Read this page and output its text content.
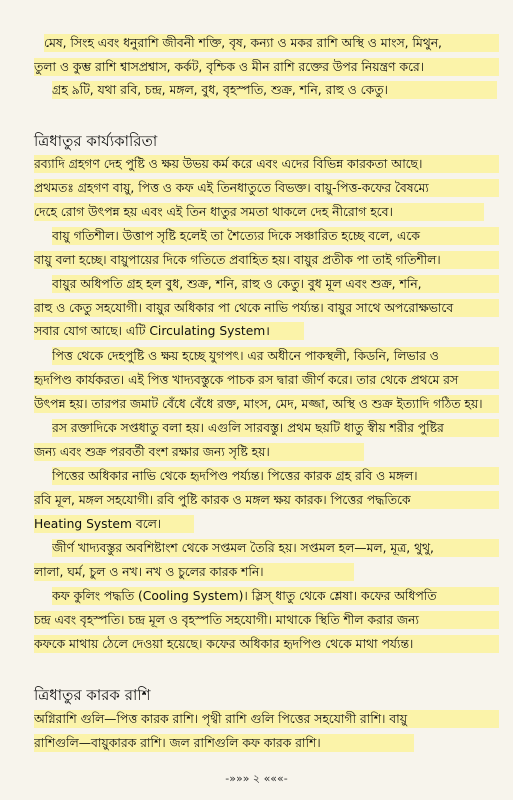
মেষ, সিংহ এবং ধনুরাশি জীবনী শক্তি, বৃষ, কন্যা ও মকর রাশি অস্থি ও মাংস, মিথুন,
তুলা ও কুম্ভ রাশি শ্বাসপ্রশ্বাস, কর্কট, বৃশ্চিক ও মীন রাশি রক্তের উপর নিয়ন্ত্রণ করে।
গ্রহ ৯টি, যথা রবি, চন্দ্র, মঙ্গল, বুধ, বৃহস্পতি, শুক্র, শনি, রাহু ও কেতু।
ত্রিধাতুর কার্য্যকারিতা
রব্যাদি গ্রহগণ দেহ পুষ্টি ও ক্ষয় উভয় কর্ম করে এবং এদের বিভিন্ন কারকতা আছে।
প্রথমতঃ গ্রহগণ বায়ু, পিত্ত ও কফ এই তিনধাতুতে বিভক্ত। বায়ু-পিত্ত-কফের বৈষম্যে
দেহে রোগ উৎপন্ন হয় এবং এই তিন ধাতুর সমতা থাকলে দেহ নীরোগ হবে।
বায়ু গতিশীল। উত্তাপ সৃষ্টি হলেই তা শৈত্যের দিকে সঞ্চারিত হচ্ছে বলে, একে
বায়ু বলা হচ্ছে। বায়ুপায়ের দিকে গতিতে প্রবাহিত হয়। বায়ুর প্রতীক পা তাই গতিশীল।
বায়ুর অধিপতি গ্রহ হল বুধ, শুক্র, শনি, রাহু ও কেতু। বুধ মূল এবং শুক্র, শনি,
রাহু ও কেতু সহযোগী। বায়ুর অধিকার পা থেকে নাভি পর্য্যন্ত। বায়ুর সাথে অপরোক্ষভাবে
সবার যোগ আছে। এটি Circulating System।
পিত্ত থেকে দেহপুষ্টি ও ক্ষয় হচ্ছে যুগপৎ। এর অধীনে পাকস্থলী, কিডনি, লিভার ও
হৃদপিণ্ড কার্যকরত। এই পিত্ত খাদ্যবস্তুকে পাচক রস দ্বারা জীর্ণ করে। তার থেকে প্রথমে রস
উৎপন্ন হয়। তারপর জমাট বেঁধে বেঁধে রক্ত, মাংস, মেদ, মজ্জা, অস্থি ও শুক্র ইত্যাদি গঠিত হয়।
রস রক্তাদিকে সপ্তধাতু বলা হয়। এগুলি সারবস্তু। প্রথম ছয়টি ধাতু স্বীয় শরীর পুষ্টির
জন্য এবং শুক্র পরবর্তী বংশ রক্ষার জন্য সৃষ্টি হয়।
পিত্তের অধিকার নাভি থেকে হৃদপিণ্ড পর্য্যন্ত। পিত্তের কারক গ্রহ রবি ও মঙ্গল।
রবি মূল, মঙ্গল সহযোগী। রবি পুষ্টি কারক ও মঙ্গল ক্ষয় কারক। পিত্তের পদ্ধতিকে
Heating System বলে।
জীর্ণ খাদ্যবস্তুর অবশিষ্টাংশ থেকে সপ্তমল তৈরি হয়। সপ্তমল হল—মল, মূত্র, থুথু,
লালা, ঘর্ম, চুল ও নখ। নখ ও চুলের কারক শনি।
কফ কুলিং পদ্ধতি (Cooling System)। স্লিস্ ধাতু থেকে শ্লেষা। কফের অধিপতি
চন্দ্র এবং বৃহস্পতি। চন্দ্র মূল ও বৃহস্পতি সহযোগী। মাথাকে স্থিতি শীল করার জন্য
কফকে মাথায় ঠেলে দেওয়া হয়েছে। কফের অধিকার হৃদপিণ্ড থেকে মাথা পর্য্যন্ত।
ত্রিধাতুর কারক রাশি
অগ্নিরাশি গুলি—পিত্ত কারক রাশি। পৃথ্বী রাশি গুলি পিত্তের সহযোগী রাশি। বায়ু
রাশিগুলি—বায়ুকারক রাশি। জল রাশিগুলি কফ কারক রাশি।
-»»» ২ «««-
